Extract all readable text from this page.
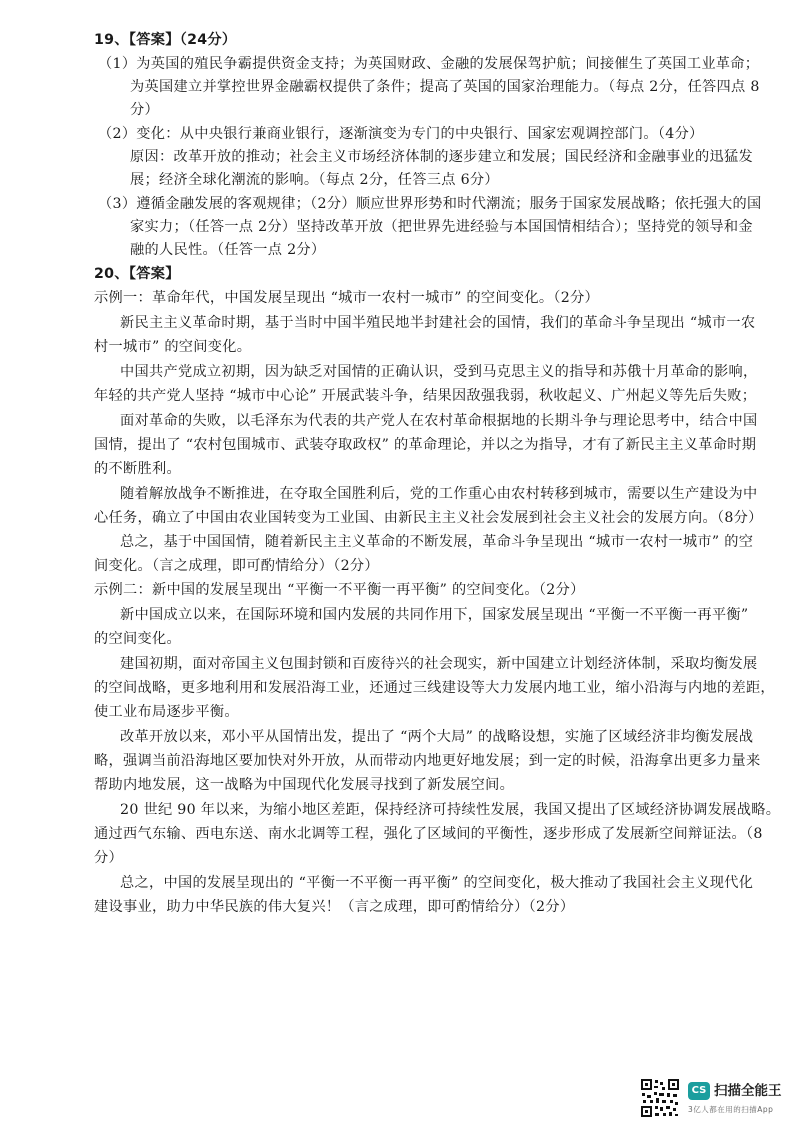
19、【答案】（24分）
（1）为英国的殖民争霸提供资金支持；为英国财政、金融的发展保驾护航；间接催生了英国工业革命；
为英国建立并掌控世界金融霸权提供了条件；提高了英国的国家治理能力。（每点 2分，任答四点 8
分）
（2）变化：从中央银行兼商业银行，逐渐演变为专门的中央银行、国家宏观调控部门。（4分）
原因：改革开放的推动；社会主义市场经济体制的逐步建立和发展；国民经济和金融事业的迅猛发
展；经济全球化潮流的影响。（每点 2分，任答三点 6分）
（3）遵循金融发展的客观规律；（2分）顺应世界形势和时代潮流；服务于国家发展战略；依托强大的国
家实力；（任答一点 2分）坚持改革开放（把世界先进经验与本国国情相结合）；坚持党的领导和金
融的人民性。（任答一点 2分）
20、【答案】
示例一：革命年代，中国发展呈现出 “城市一农村一城市” 的空间变化。（2分）
新民主主义革命时期，基于当时中国半殖民地半封建社会的国情，我们的革命斗争呈现出 “城市一农
村一城市” 的空间变化。
中国共产党成立初期，因为缺乏对国情的正确认识，受到马克思主义的指导和苏俄十月革命的影响，
年轻的共产党人坚持 “城市中心论” 开展武装斗争，结果因敌强我弱，秋收起义、广州起义等先后失败；
面对革命的失败，以毛泽东为代表的共产党人在农村革命根据地的长期斗争与理论思考中，结合中国
国情，提出了 “农村包围城市、武装夺取政权” 的革命理论，并以之为指导，才有了新民主主义革命时期
的不断胜利。
随着解放战争不断推进，在夺取全国胜利后，党的工作重心由农村转移到城市，需要以生产建设为中
心任务，确立了中国由农业国转变为工业国、由新民主主义社会发展到社会主义社会的发展方向。（8分）
总之，基于中国国情，随着新民主主义革命的不断发展，革命斗争呈现出 “城市一农村一城市” 的空
间变化。（言之成理，即可酌情给分）（2分）
示例二：新中国的发展呈现出 “平衡一不平衡一再平衡” 的空间变化。（2分）
新中国成立以来，在国际环境和国内发展的共同作用下，国家发展呈现出 “平衡一不平衡一再平衡”
的空间变化。
建国初期，面对帝国主义包围封锁和百废待兴的社会现实，新中国建立计划经济体制，采取均衡发展
的空间战略，更多地利用和发展沿海工业，还通过三线建设等大力发展内地工业，缩小沿海与内地的差距，
使工业布局逐步平衡。
改革开放以来，邓小平从国情出发，提出了 “两个大局” 的战略设想，实施了区域经济非均衡发展战
略，强调当前沿海地区要加快对外开放，从而带动内地更好地发展；到一定的时候，沿海拿出更多力量来
帮助内地发展，这一战略为中国现代化发展寻找到了新发展空间。
20 世纪 90 年以来，为缩小地区差距，保持经济可持续性发展，我国又提出了区域经济协调发展战略。
通过西气东输、西电东送、南水北调等工程，强化了区域间的平衡性，逐步形成了发展新空间辩证法。（8
分）
总之，中国的发展呈现出的 “平衡一不平衡一再平衡” 的空间变化，极大推动了我国社会主义现代化
建设事业，助力中华民族的伟大复兴！（言之成理，即可酌情给分）（2分）
CS 扫描全能王
3亿人都在用的扫描App
